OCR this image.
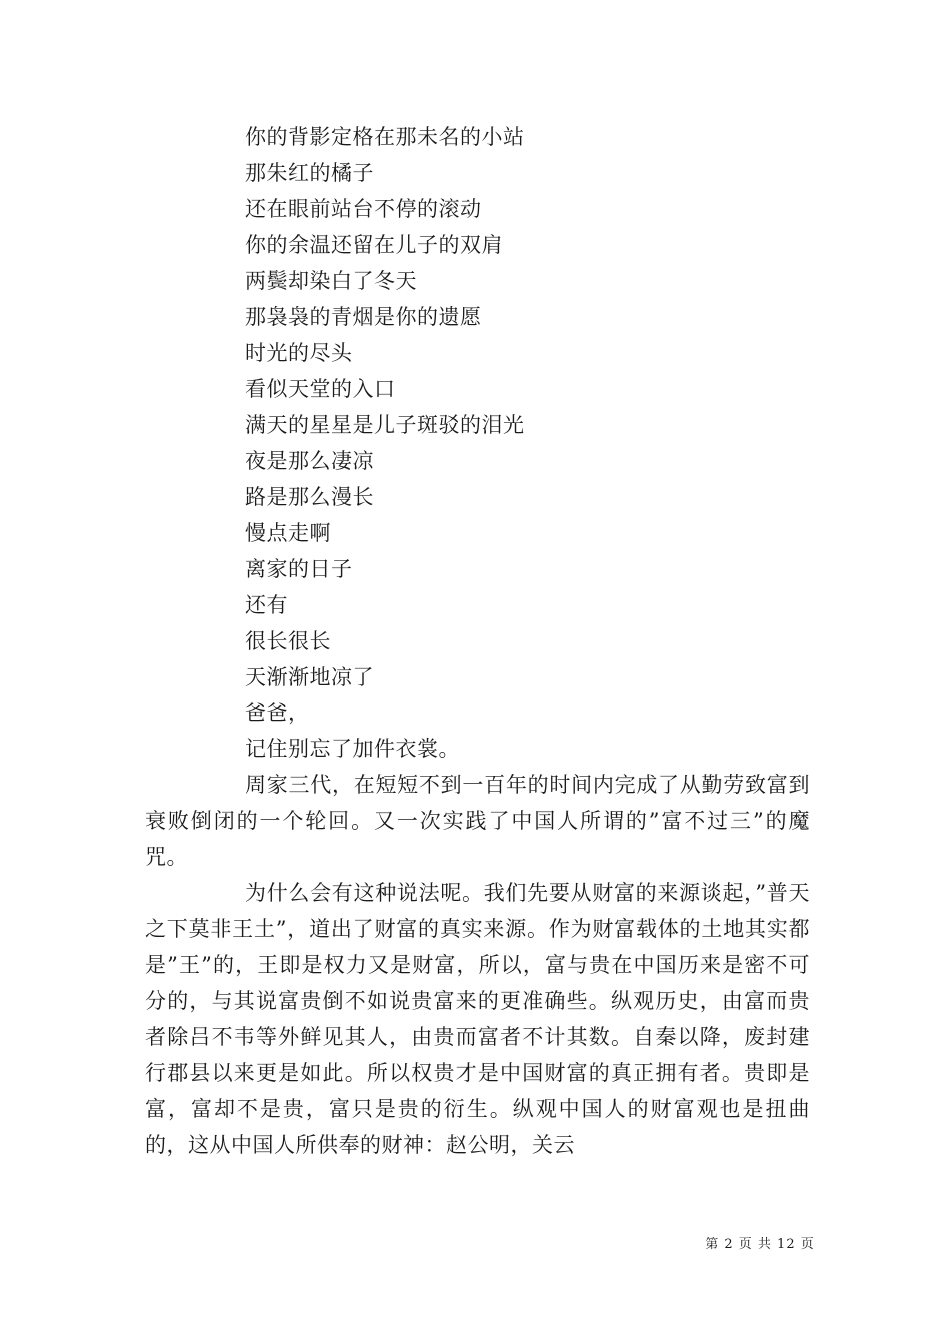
你的背影定格在那未名的小站
那朱红的橘子
还在眼前站台不停的滚动
你的余温还留在儿子的双肩
两鬓却染白了冬天
那袅袅的青烟是你的遗愿
时光的尽头
看似天堂的入口
满天的星星是儿子斑驳的泪光
夜是那么凄凉
路是那么漫长
慢点走啊
离家的日子
还有
很长很长
天渐渐地凉了
爸爸，
记住别忘了加件衣裳。

周家三代，在短短不到一百年的时间内完成了从勤劳致富到衰败倒闭的一个轮回。又一次实践了中国人所谓的”富不过三”的魔咒。

为什么会有这种说法呢。我们先要从财富的来源谈起，”普天之下莫非王土”，道出了财富的真实来源。作为财富载体的土地其实都是”王”的，王即是权力又是财富，所以，富与贵在中国历来是密不可分的，与其说富贵倒不如说贵富来的更准确些。纵观历史，由富而贵者除吕不韦等外鲜见其人，由贵而富者不计其数。自秦以降，废封建行郡县以来更是如此。所以权贵才是中国财富的真正拥有者。贵即是富，富却不是贵，富只是贵的衍生。纵观中国人的财富观也是扭曲的，这从中国人所供奉的财神：赵公明，关云

第 2 页 共 12 页
